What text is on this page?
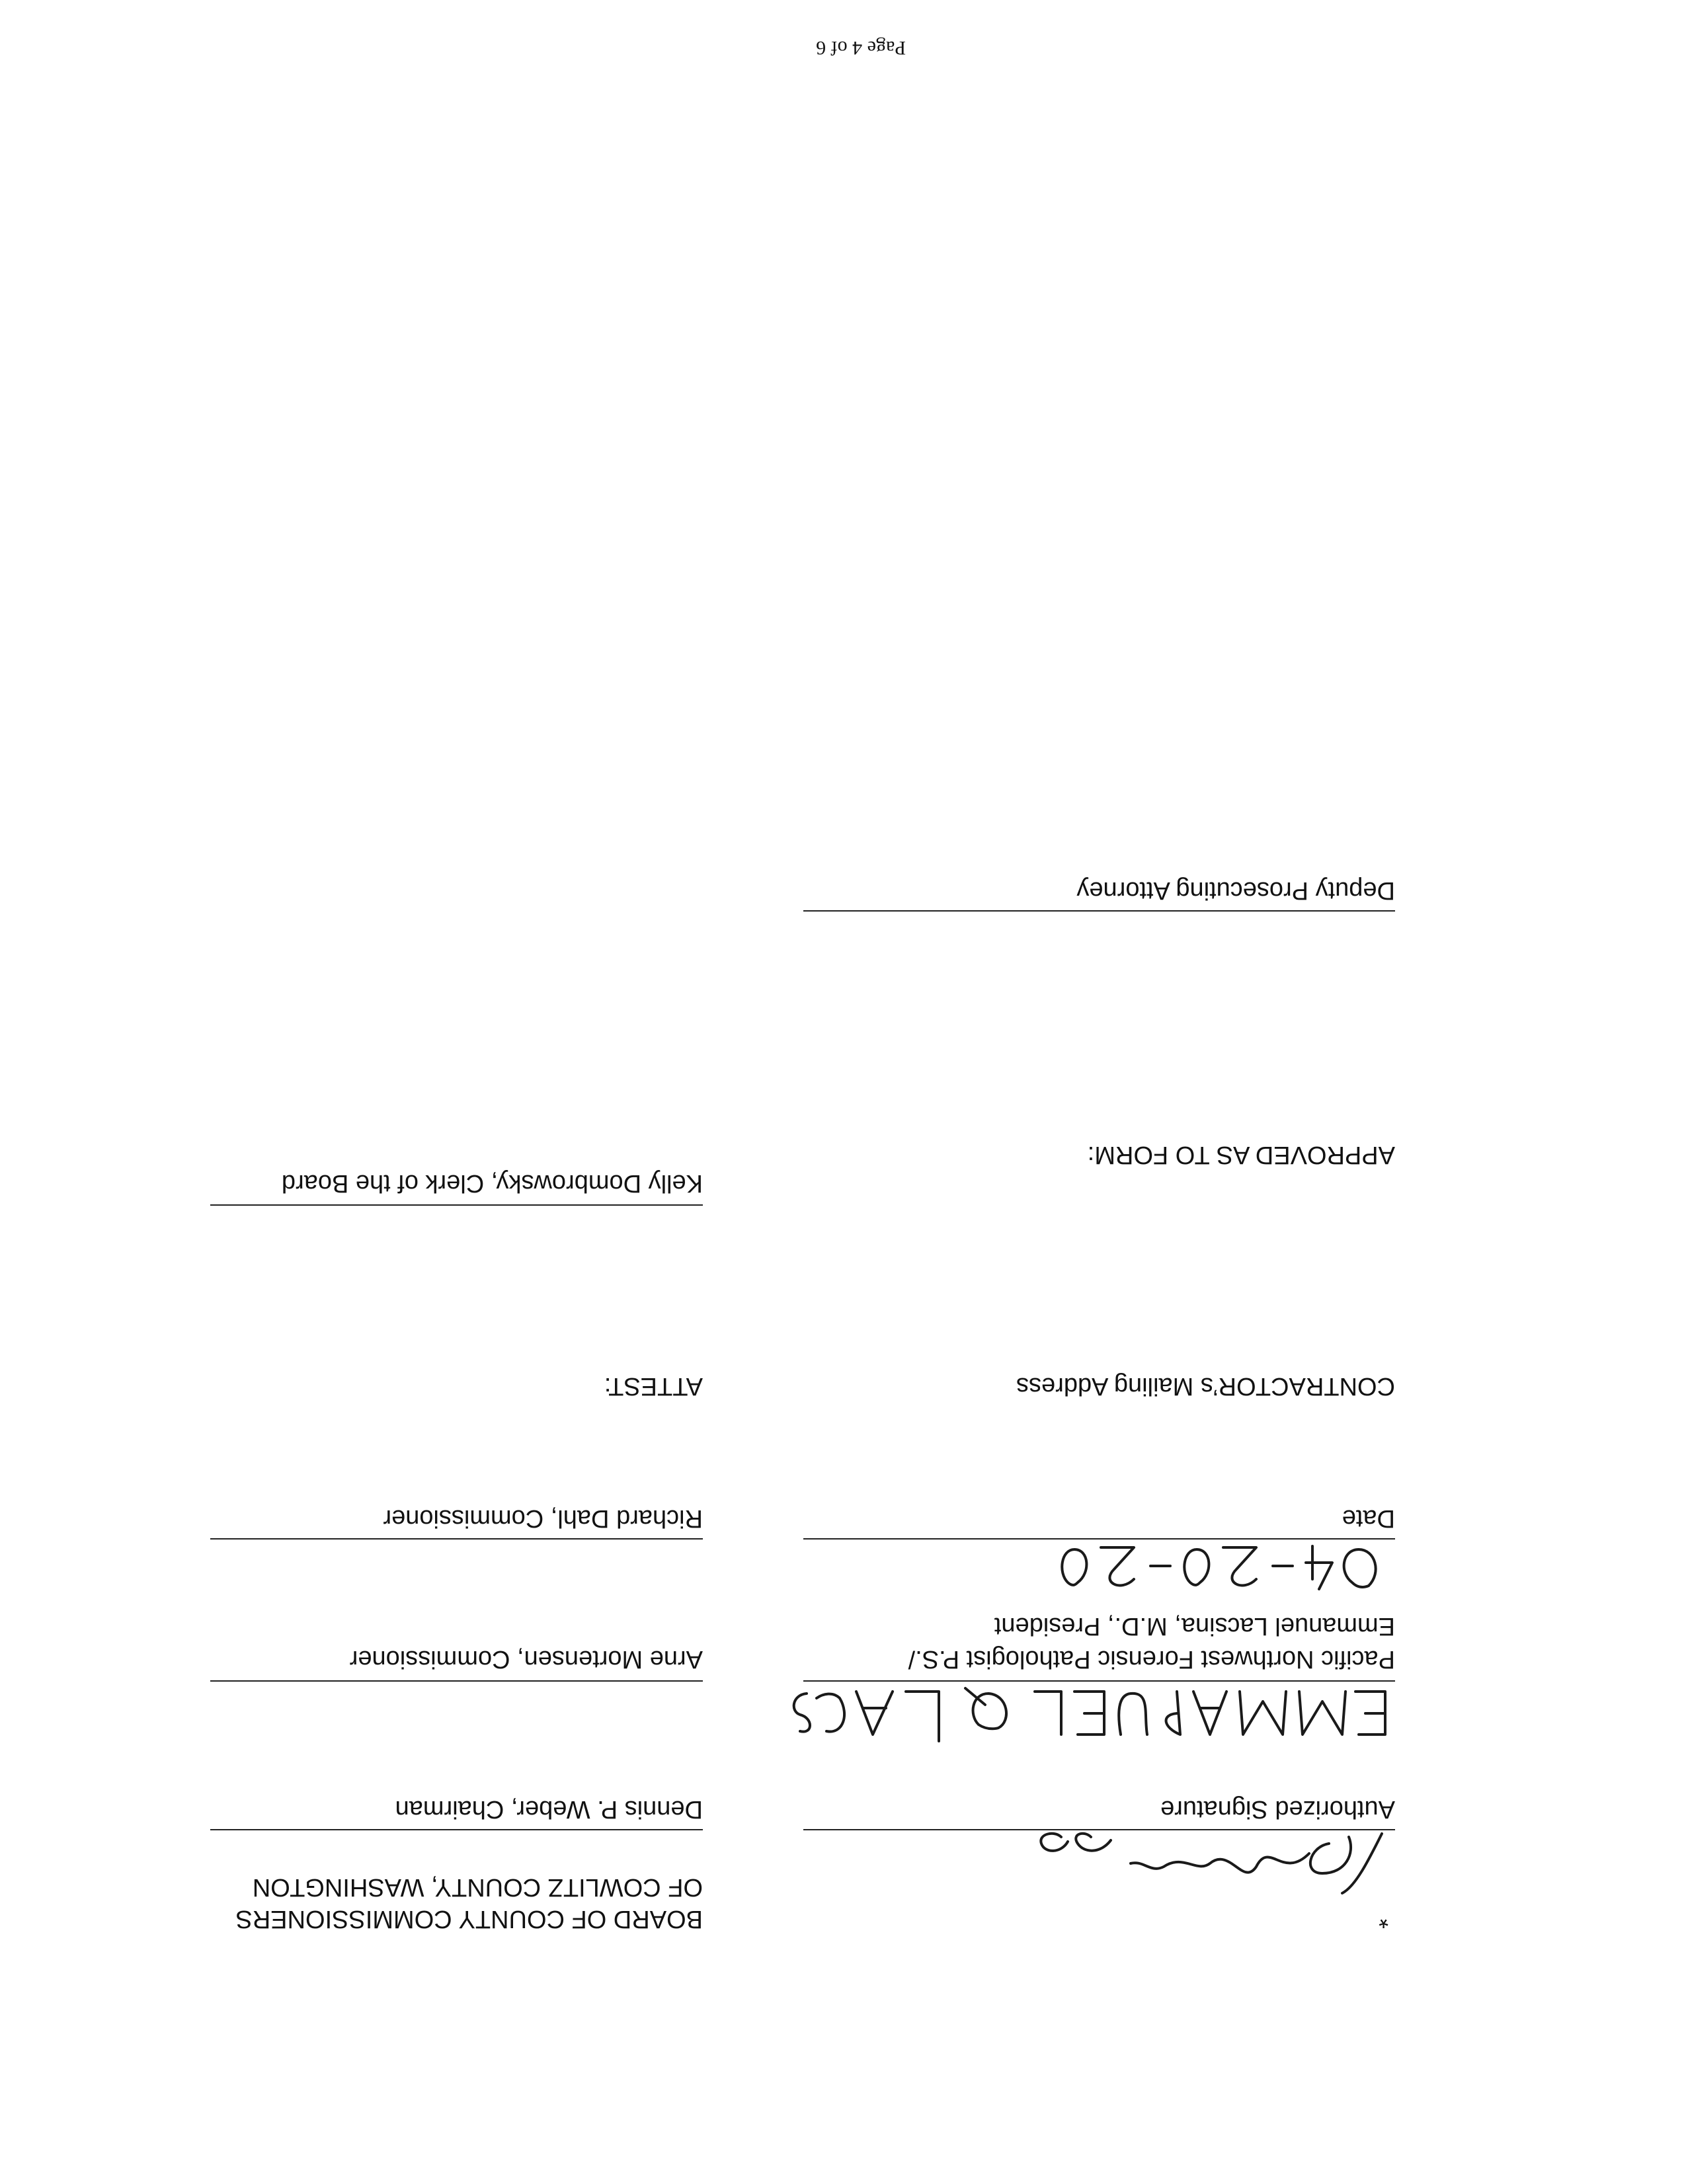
*
Authorized Signature
Pacific Northwest Forensic Pathologist P.S./
Emmanuel Lacsina, M.D., President
Date
CONTRACTOR’s Mailing Address
APPROVED AS TO FORM:
Deputy Prosecuting Attorney
BOARD OF COUNTY COMMISSIONERS
OF COWLITZ COUNTY, WASHINGTON
Dennis P. Weber, Chairman
Arne Mortensen, Commissioner
Richard Dahl, Commissioner
ATTEST:
Kelly Dombrowsky, Clerk of the Board
Page 4 of 6
